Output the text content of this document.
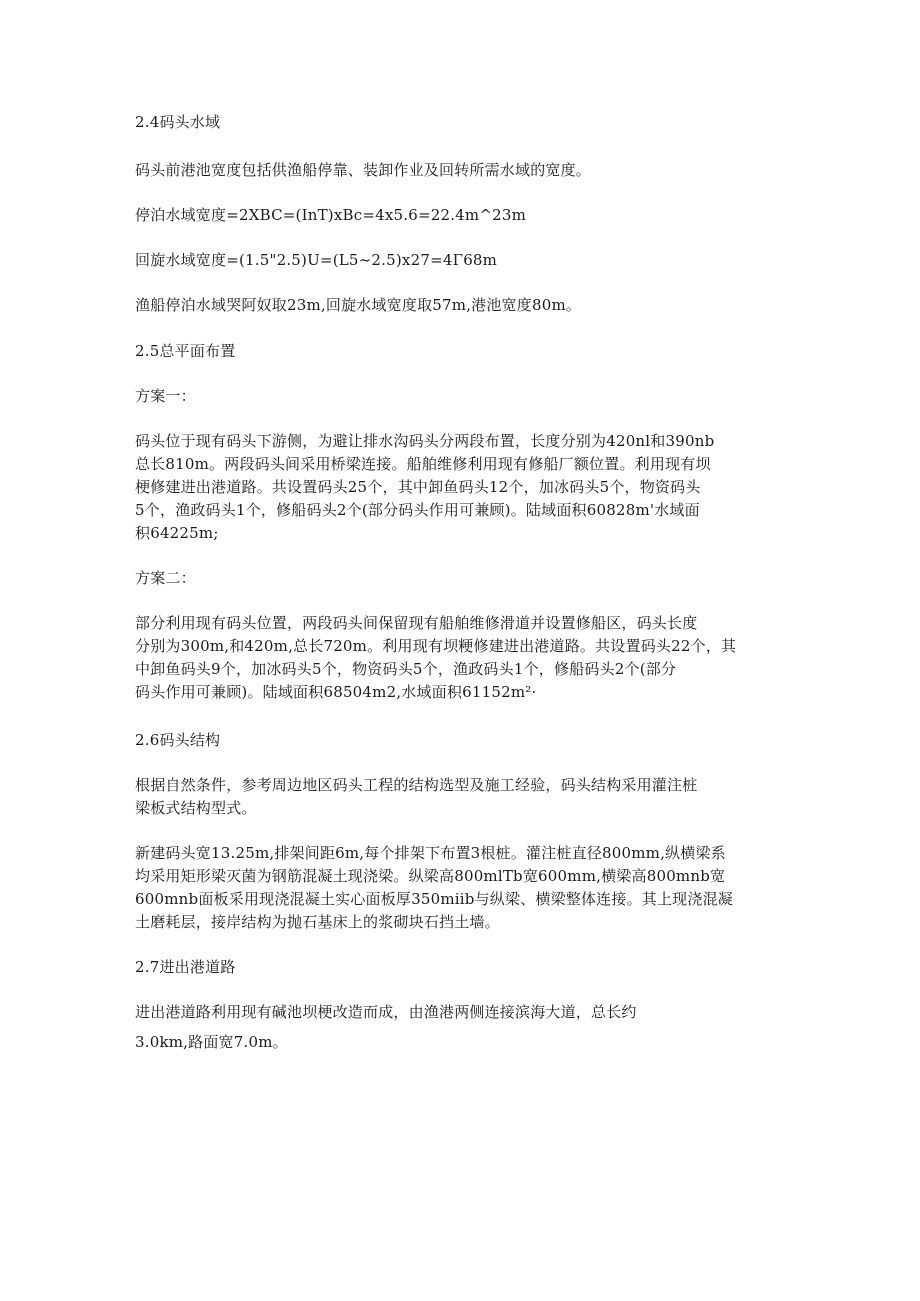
2.4码头水域
码头前港池宽度包括供渔船停靠、装卸作业及回转所需水域的宽度。
停泊水域宽度=2XBC=(InT)xBc=4x5.6=22.4m^23m
回旋水域宽度=(1.5"2.5)U=(L5~2.5)x27=4Γ68m
渔船停泊水域哭阿奴取23m,回旋水域宽度取57m,港池宽度80m。
2.5总平面布置
方案一：
码头位于现有码头下游侧，为避让排水沟码头分两段布置，长度分别为420nl和390nb
总长810m。两段码头间采用桥梁连接。船舶维修利用现有修船厂额位置。利用现有坝
梗修建进出港道路。共设置码头25个，其中卸鱼码头12个，加冰码头5个，物资码头
5个，渔政码头1个，修船码头2个(部分码头作用可兼顾)。陆域面积60828m'水域面
积64225m;
方案二：
部分利用现有码头位置，两段码头间保留现有船舶维修滑道并设置修船区，码头长度
分别为300m,和420m,总长720m。利用现有坝粳修建进出港道路。共设置码头22个，其
中卸鱼码头9个，加冰码头5个，物资码头5个，渔政码头1个，修船码头2个(部分
码头作用可兼顾)。陆域面积68504m2,水域面积61152m²·
2.6码头结构
根据自然条件，参考周边地区码头工程的结构选型及施工经验，码头结构采用灌注桩
梁板式结构型式。
新建码头宽13.25m,排架间距6m,每个排架下布置3根桩。灌注桩直径800mm,纵横梁系
均采用矩形梁灭菌为钢筋混凝土现浇梁。纵梁高800mlTb宽600mm,横梁高800mnb宽
600mnb面板采用现浇混凝土实心面板厚350miib与纵梁、横梁整体连接。其上现浇混凝
土磨耗层，接岸结构为抛石基床上的浆砌块石挡土墙。
2.7进出港道路
进出港道路利用现有碱池坝梗改造而成，由渔港两侧连接滨海大道，总长约
3.0km,路面宽7.0m。
